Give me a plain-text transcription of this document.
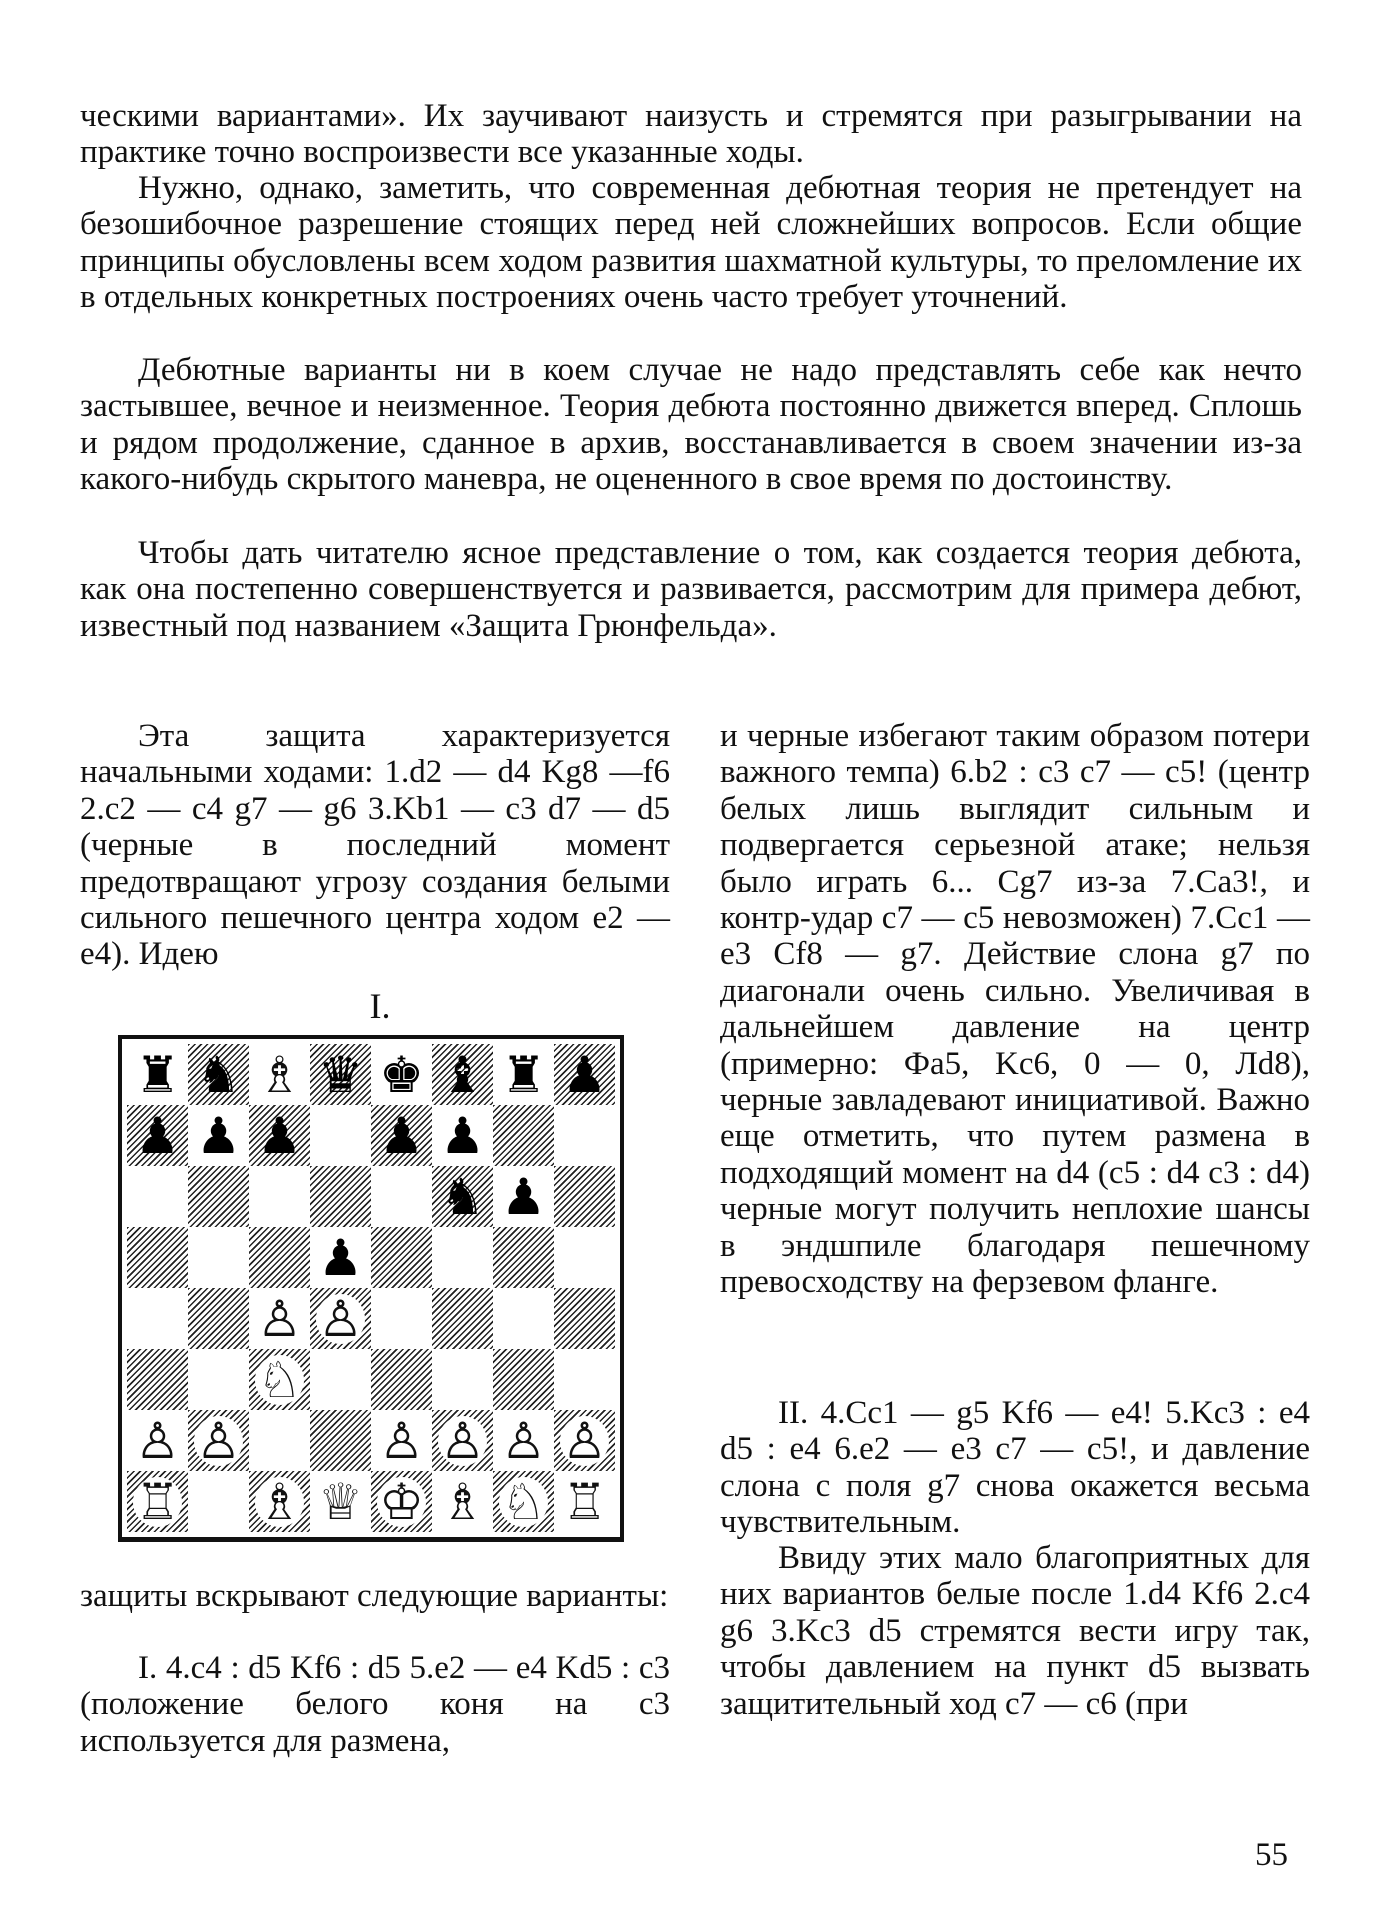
ческими вариантами». Их заучивают наизусть и стремятся при разыгрывании на практике точно воспроизвести все указанные ходы.

Нужно, однако, заметить, что современная дебютная теория не претендует на безошибочное разрешение стоящих перед ней сложнейших вопросов. Если общие принципы обусловлены всем ходом развития шахматной культуры, то преломление их в отдельных конкретных построениях очень часто требует уточнений.

Дебютные варианты ни в коем случае не надо представлять себе как нечто застывшее, вечное и неизменное. Теория дебюта постоянно движется вперед. Сплошь и рядом продолжение, сданное в архив, восстанавливается в своем значении из-за какого-нибудь скрытого маневра, не оцененного в свое время по достоинству.

Чтобы дать читателю ясное представление о том, как создается теория дебюта, как она постепенно совершенствуется и развивается, рассмотрим для примера дебют, известный под названием «Защита Грюнфельда».

Эта защита характеризуется начальными ходами: 1.d2 — d4 Kg8 —f6 2.c2 — c4 g7 — g6 3.Kb1 — c3 d7 — d5 (черные в последний момент предотвращают угрозу создания белыми сильного пешечного центра ходом e2 — e4). Идею

I.
♜ ♞ ♗ ♛ ♚ ♝ ♜ ♟
♟ ♟ ♟ ♟ ♟
♞ ♟
♟
♙ ♙
♘
♙ ♙	♙ ♙ ♙ ♙
♖ ♗ ♕ ♔ ♗ ♘ ♖

защиты вскрывают следующие варианты:

I. 4.c4 : d5 Kf6 : d5 5.e2 — e4 Kd5 : c3 (положение белого коня на c3 используется для размена,

и черные избегают таким образом потери важного темпа) 6.b2 : c3 c7 — c5! (центр белых лишь выглядит сильным и подвергается серьезной атаке; нельзя было играть 6... Cg7 из-за 7.Ca3!, и контр-удар c7 — c5 невозможен) 7.Cc1 — e3 Cf8 — g7. Действие слона g7 по диагонали очень сильно. Увеличивая в дальнейшем давление на центр (примерно: Фa5, Kc6, 0 — 0, Лd8), черные завладевают инициативой. Важно еще отметить, что путем размена в подходящий момент на d4 (c5 : d4 c3 : d4) черные могут получить неплохие шансы в эндшпиле благодаря пешечному превосходству на ферзевом фланге.

II. 4.Cc1 — g5 Kf6 — e4! 5.Kc3 : e4 d5 : e4 6.e2 — e3 c7 — c5!, и давление слона с поля g7 снова окажется весьма чувствительным.

Ввиду этих мало благоприятных для них вариантов белые после 1.d4 Kf6 2.c4 g6 3.Kc3 d5 стремятся вести игру так, чтобы давлением на пункт d5 вызвать защитительный ход c7 — c6 (при

55
